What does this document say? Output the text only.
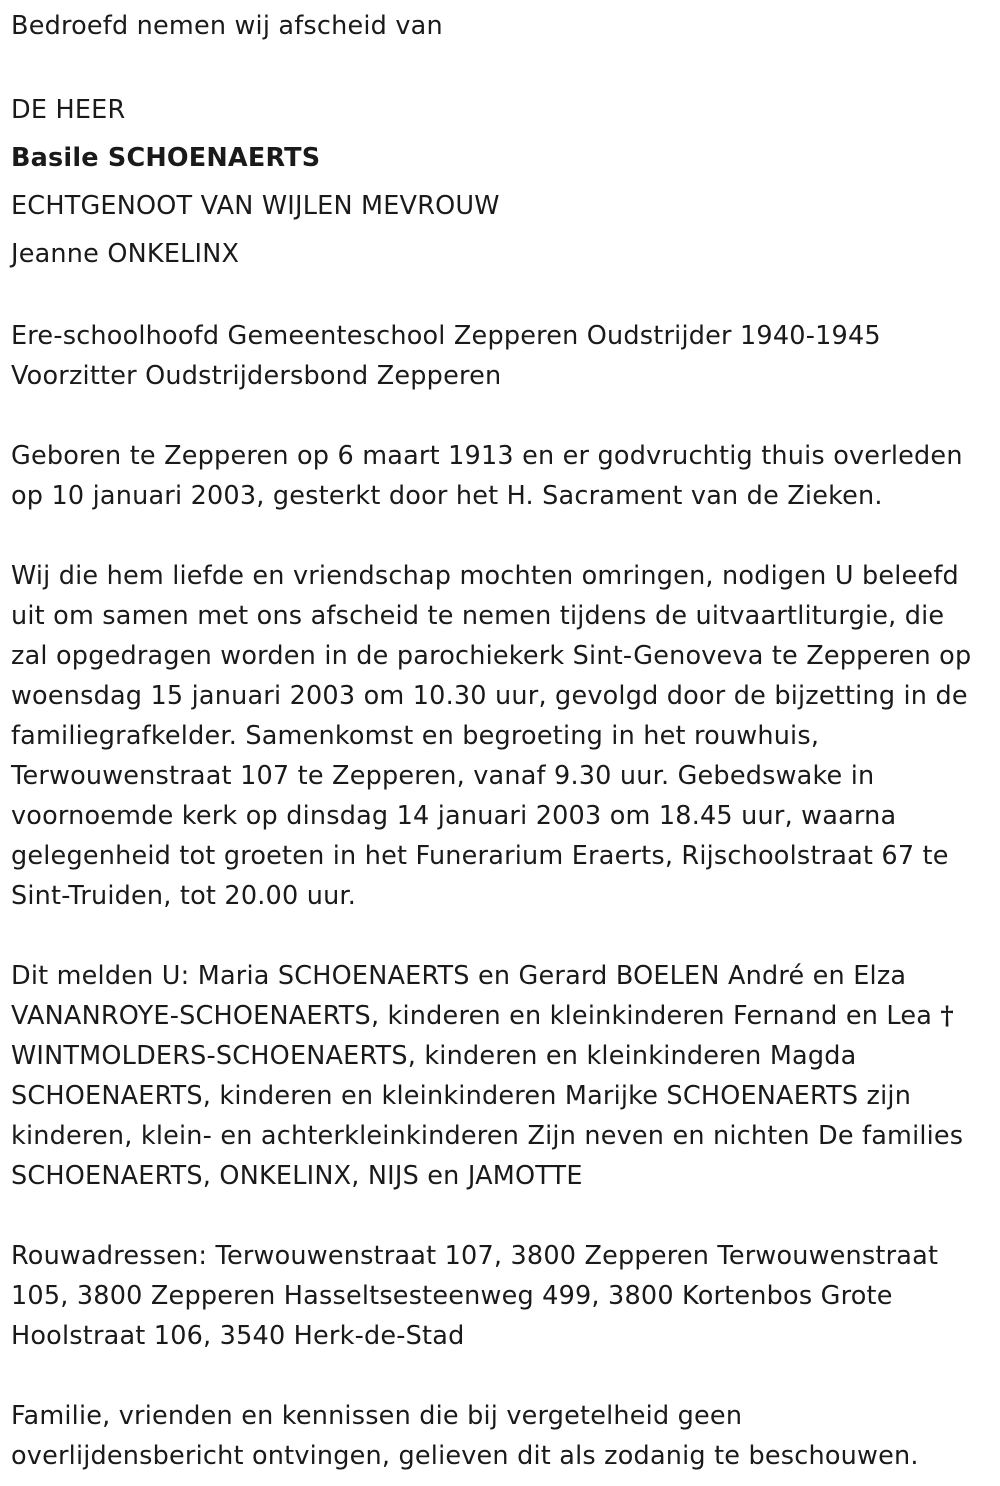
Bedroefd nemen wij afscheid van

DE HEER

Basile SCHOENAERTS

ECHTGENOOT VAN WIJLEN MEVROUW

Jeanne ONKELINX

Ere-schoolhoofd Gemeenteschool Zepperen Oudstrijder 1940-1945

Voorzitter Oudstrijdersbond Zepperen

Geboren te Zepperen op 6 maart 1913 en er godvruchtig thuis overleden

op 10 januari 2003, gesterkt door het H. Sacrament van de Zieken.

Wij die hem liefde en vriendschap mochten omringen, nodigen U beleefd

uit om samen met ons afscheid te nemen tijdens de uitvaartliturgie, die

zal opgedragen worden in de parochiekerk Sint-Genoveva te Zepperen op

woensdag 15 januari 2003 om 10.30 uur, gevolgd door de bijzetting in de

familiegrafkelder. Samenkomst en begroeting in het rouwhuis,

Terwouwenstraat 107 te Zepperen, vanaf 9.30 uur. Gebedswake in

voornoemde kerk op dinsdag 14 januari 2003 om 18.45 uur, waarna

gelegenheid tot groeten in het Funerarium Eraerts, Rijschoolstraat 67 te

Sint-Truiden, tot 20.00 uur.

Dit melden U: Maria SCHOENAERTS en Gerard BOELEN André en Elza

VANANROYE-SCHOENAERTS, kinderen en kleinkinderen Fernand en Lea †

WINTMOLDERS-SCHOENAERTS, kinderen en kleinkinderen Magda

SCHOENAERTS, kinderen en kleinkinderen Marijke SCHOENAERTS zijn

kinderen, klein- en achterkleinkinderen Zijn neven en nichten De families

SCHOENAERTS, ONKELINX, NIJS en JAMOTTE

Rouwadressen: Terwouwenstraat 107, 3800 Zepperen Terwouwenstraat

105, 3800 Zepperen Hasseltsesteenweg 499, 3800 Kortenbos Grote

Hoolstraat 106, 3540 Herk-de-Stad

Familie, vrienden en kennissen die bij vergetelheid geen

overlijdensbericht ontvingen, gelieven dit als zodanig te beschouwen.
